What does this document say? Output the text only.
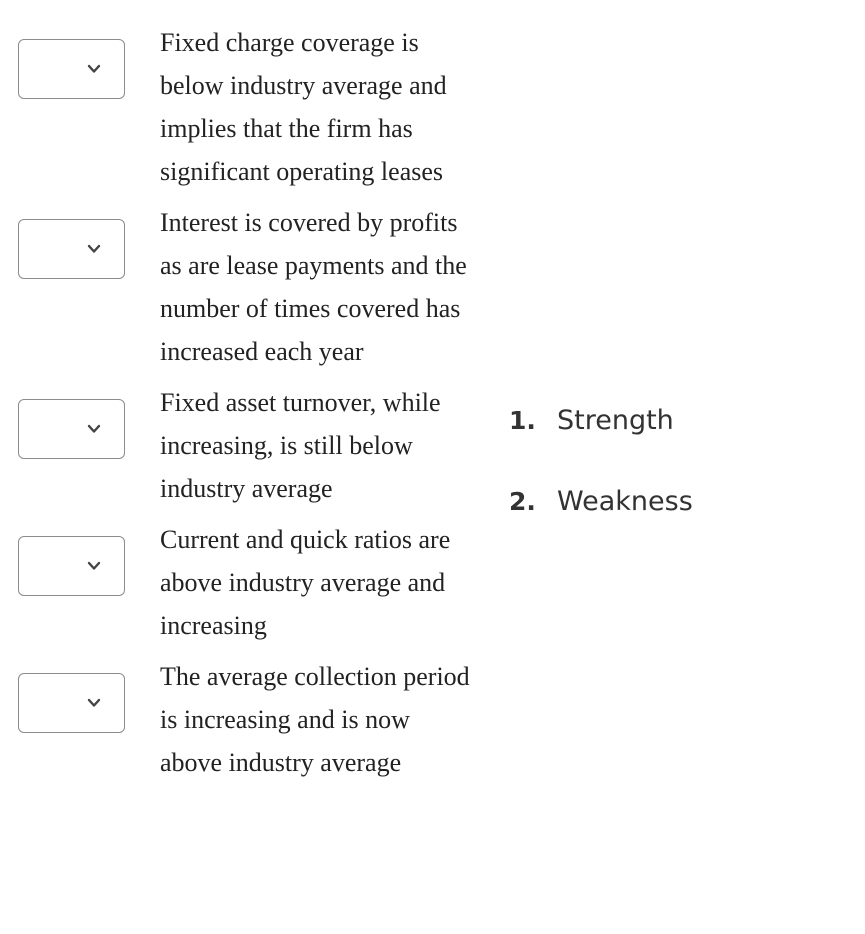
Fixed charge coverage is below industry average and implies that the firm has significant operating leases
Interest is covered by profits as are lease payments and the number of times covered has increased each year
Fixed asset turnover, while increasing, is still below industry average
Current and quick ratios are above industry average and increasing
The average collection period is increasing and is now above industry average
1. Strength
2. Weakness
